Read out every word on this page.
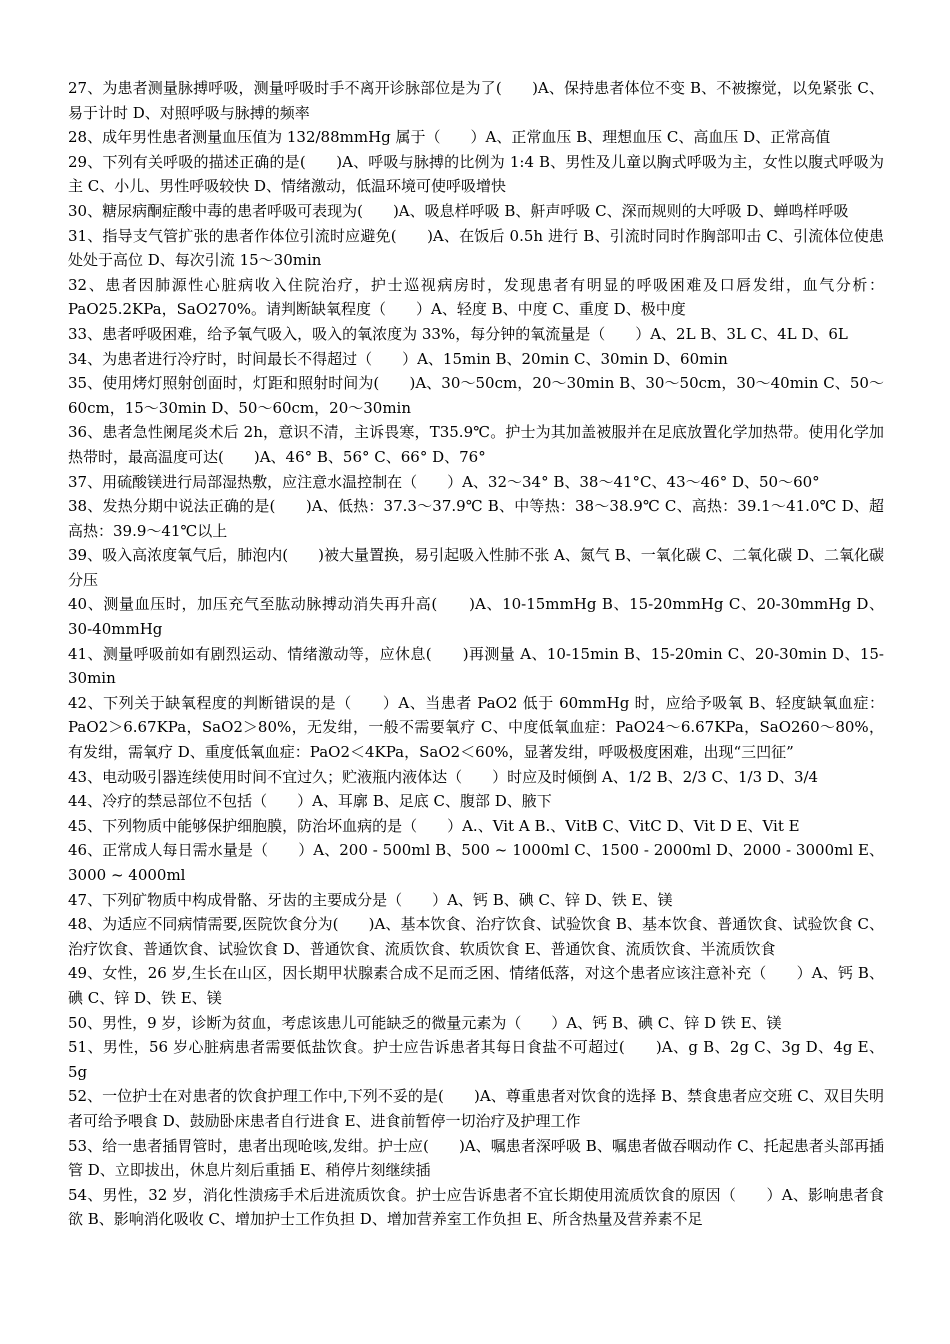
27、为患者测量脉搏呼吸，测量呼吸时手不离开诊脉部位是为了(　　)A、保持患者体位不变 B、不被擦觉，以免紧张 C、易于计时 D、对照呼吸与脉搏的频率

28、成年男性患者测量血压值为 132/88mmHg 属于（　　）A、正常血压 B、理想血压 C、高血压 D、正常高值

29、下列有关呼吸的描述正确的是(　　)A、呼吸与脉搏的比例为 1:4 B、男性及儿童以胸式呼吸为主，女性以腹式呼吸为主 C、小儿、男性呼吸较快 D、情绪激动，低温环境可使呼吸增快

30、糖尿病酮症酸中毒的患者呼吸可表现为(　　)A、吸息样呼吸 B、鼾声呼吸 C、深而规则的大呼吸 D、蝉鸣样呼吸

31、指导支气管扩张的患者作体位引流时应避免(　　)A、在饭后 0.5h 进行 B、引流时同时作胸部叩击 C、引流体位使患处处于高位 D、每次引流 15～30min

32、患者因肺源性心脏病收入住院治疗，护士巡视病房时，发现患者有明显的呼吸困难及口唇发绀，血气分析：PaO25.2KPa，SaO270%。请判断缺氧程度（　　）A、轻度 B、中度 C、重度 D、极中度

33、患者呼吸困难，给予氧气吸入，吸入的氧浓度为 33%，每分钟的氧流量是（　　）A、2L B、3L C、4L D、6L

34、为患者进行冷疗时，时间最长不得超过（　　）A、15min B、20min C、30min D、60min

35、使用烤灯照射创面时，灯距和照射时间为(　　)A、30～50cm，20～30min B、30～50cm，30～40min C、50～60cm，15～30min D、50～60cm，20～30min

36、患者急性阑尾炎术后 2h，意识不清，主诉畏寒，T35.9℃。护士为其加盖被服并在足底放置化学加热带。使用化学加热带时，最高温度可达(　　)A、46° B、56° C、66° D、76°

37、用硫酸镁进行局部湿热敷，应注意水温控制在（　　）A、32～34° B、38～41°C、43～46° D、50～60°

38、发热分期中说法正确的是(　　)A、低热：37.3～37.9℃ B、中等热：38～38.9℃ C、高热：39.1～41.0℃ D、超高热：39.9～41℃以上

39、吸入高浓度氧气后，肺泡内(　　)被大量置换，易引起吸入性肺不张 A、氮气 B、一氧化碳 C、二氧化碳 D、二氧化碳分压

40、测量血压时，加压充气至肱动脉搏动消失再升高(　　)A、10-15mmHg B、15-20mmHg C、20-30mmHg D、30-40mmHg

41、测量呼吸前如有剧烈运动、情绪激动等，应休息(　　)再测量 A、10-15min B、15-20min C、20-30min D、15-30min

42、下列关于缺氧程度的判断错误的是（　　）A、当患者 PaO2 低于 60mmHg 时，应给予吸氧 B、轻度缺氧血症：PaO2＞6.67KPa，SaO2＞80%，无发绀，一般不需要氧疗 C、中度低氧血症：PaO24～6.67KPa，SaO260～80%，有发绀，需氧疗 D、重度低氧血症：PaO2＜4KPa，SaO2＜60%，显著发绀，呼吸极度困难，出现“三凹征”

43、电动吸引器连续使用时间不宜过久；贮液瓶内液体达（　　）时应及时倾倒 A、1/2 B、2/3 C、1/3 D、3/4

44、冷疗的禁忌部位不包括（　　）A、耳廓 B、足底 C、腹部 D、腋下

45、下列物质中能够保护细胞膜，防治坏血病的是（　　）A.、Vit A B.、VitB C、VitC D、Vit D E、Vit E

46、正常成人每日需水量是（　　）A、200 - 500ml B、500 ~ 1000ml C、1500 - 2000ml D、2000 - 3000ml E、3000 ~ 4000ml

47、下列矿物质中构成骨骼、牙齿的主要成分是（　　）A、钙 B、碘 C、锌 D、铁 E、镁

48、为适应不同病情需要,医院饮食分为(　　)A、基本饮食、治疗饮食、试验饮食 B、基本饮食、普通饮食、试验饮食 C、治疗饮食、普通饮食、试验饮食 D、普通饮食、流质饮食、软质饮食 E、普通饮食、流质饮食、半流质饮食

49、女性，26 岁,生长在山区，因长期甲状腺素合成不足而乏困、情绪低落，对这个患者应该注意补充（　　）A、钙 B、碘 C、锌 D、铁 E、镁

50、男性，9 岁，诊断为贫血，考虑该患儿可能缺乏的微量元素为（　　）A、钙 B、碘 C、锌 D 铁 E、镁

51、男性，56 岁心脏病患者需要低盐饮食。护士应告诉患者其每日食盐不可超过(　　)A、g B、2g C、3g D、4g E、5g

52、一位护士在对患者的饮食护理工作中,下列不妥的是(　　)A、尊重患者对饮食的选择 B、禁食患者应交班 C、双目失明者可给予喂食 D、鼓励卧床患者自行进食 E、进食前暂停一切治疗及护理工作

53、给一患者插胃管时，患者出现呛咳,发绀。护士应(　　)A、嘱患者深呼吸 B、嘱患者做吞咽动作 C、托起患者头部再插管 D、立即拔出，休息片刻后重插 E、稍停片刻继续插

54、男性，32 岁，消化性溃疡手术后进流质饮食。护士应告诉患者不宜长期使用流质饮食的原因（　　）A、影响患者食欲 B、影响消化吸收 C、增加护士工作负担 D、增加营养室工作负担 E、所含热量及营养素不足
